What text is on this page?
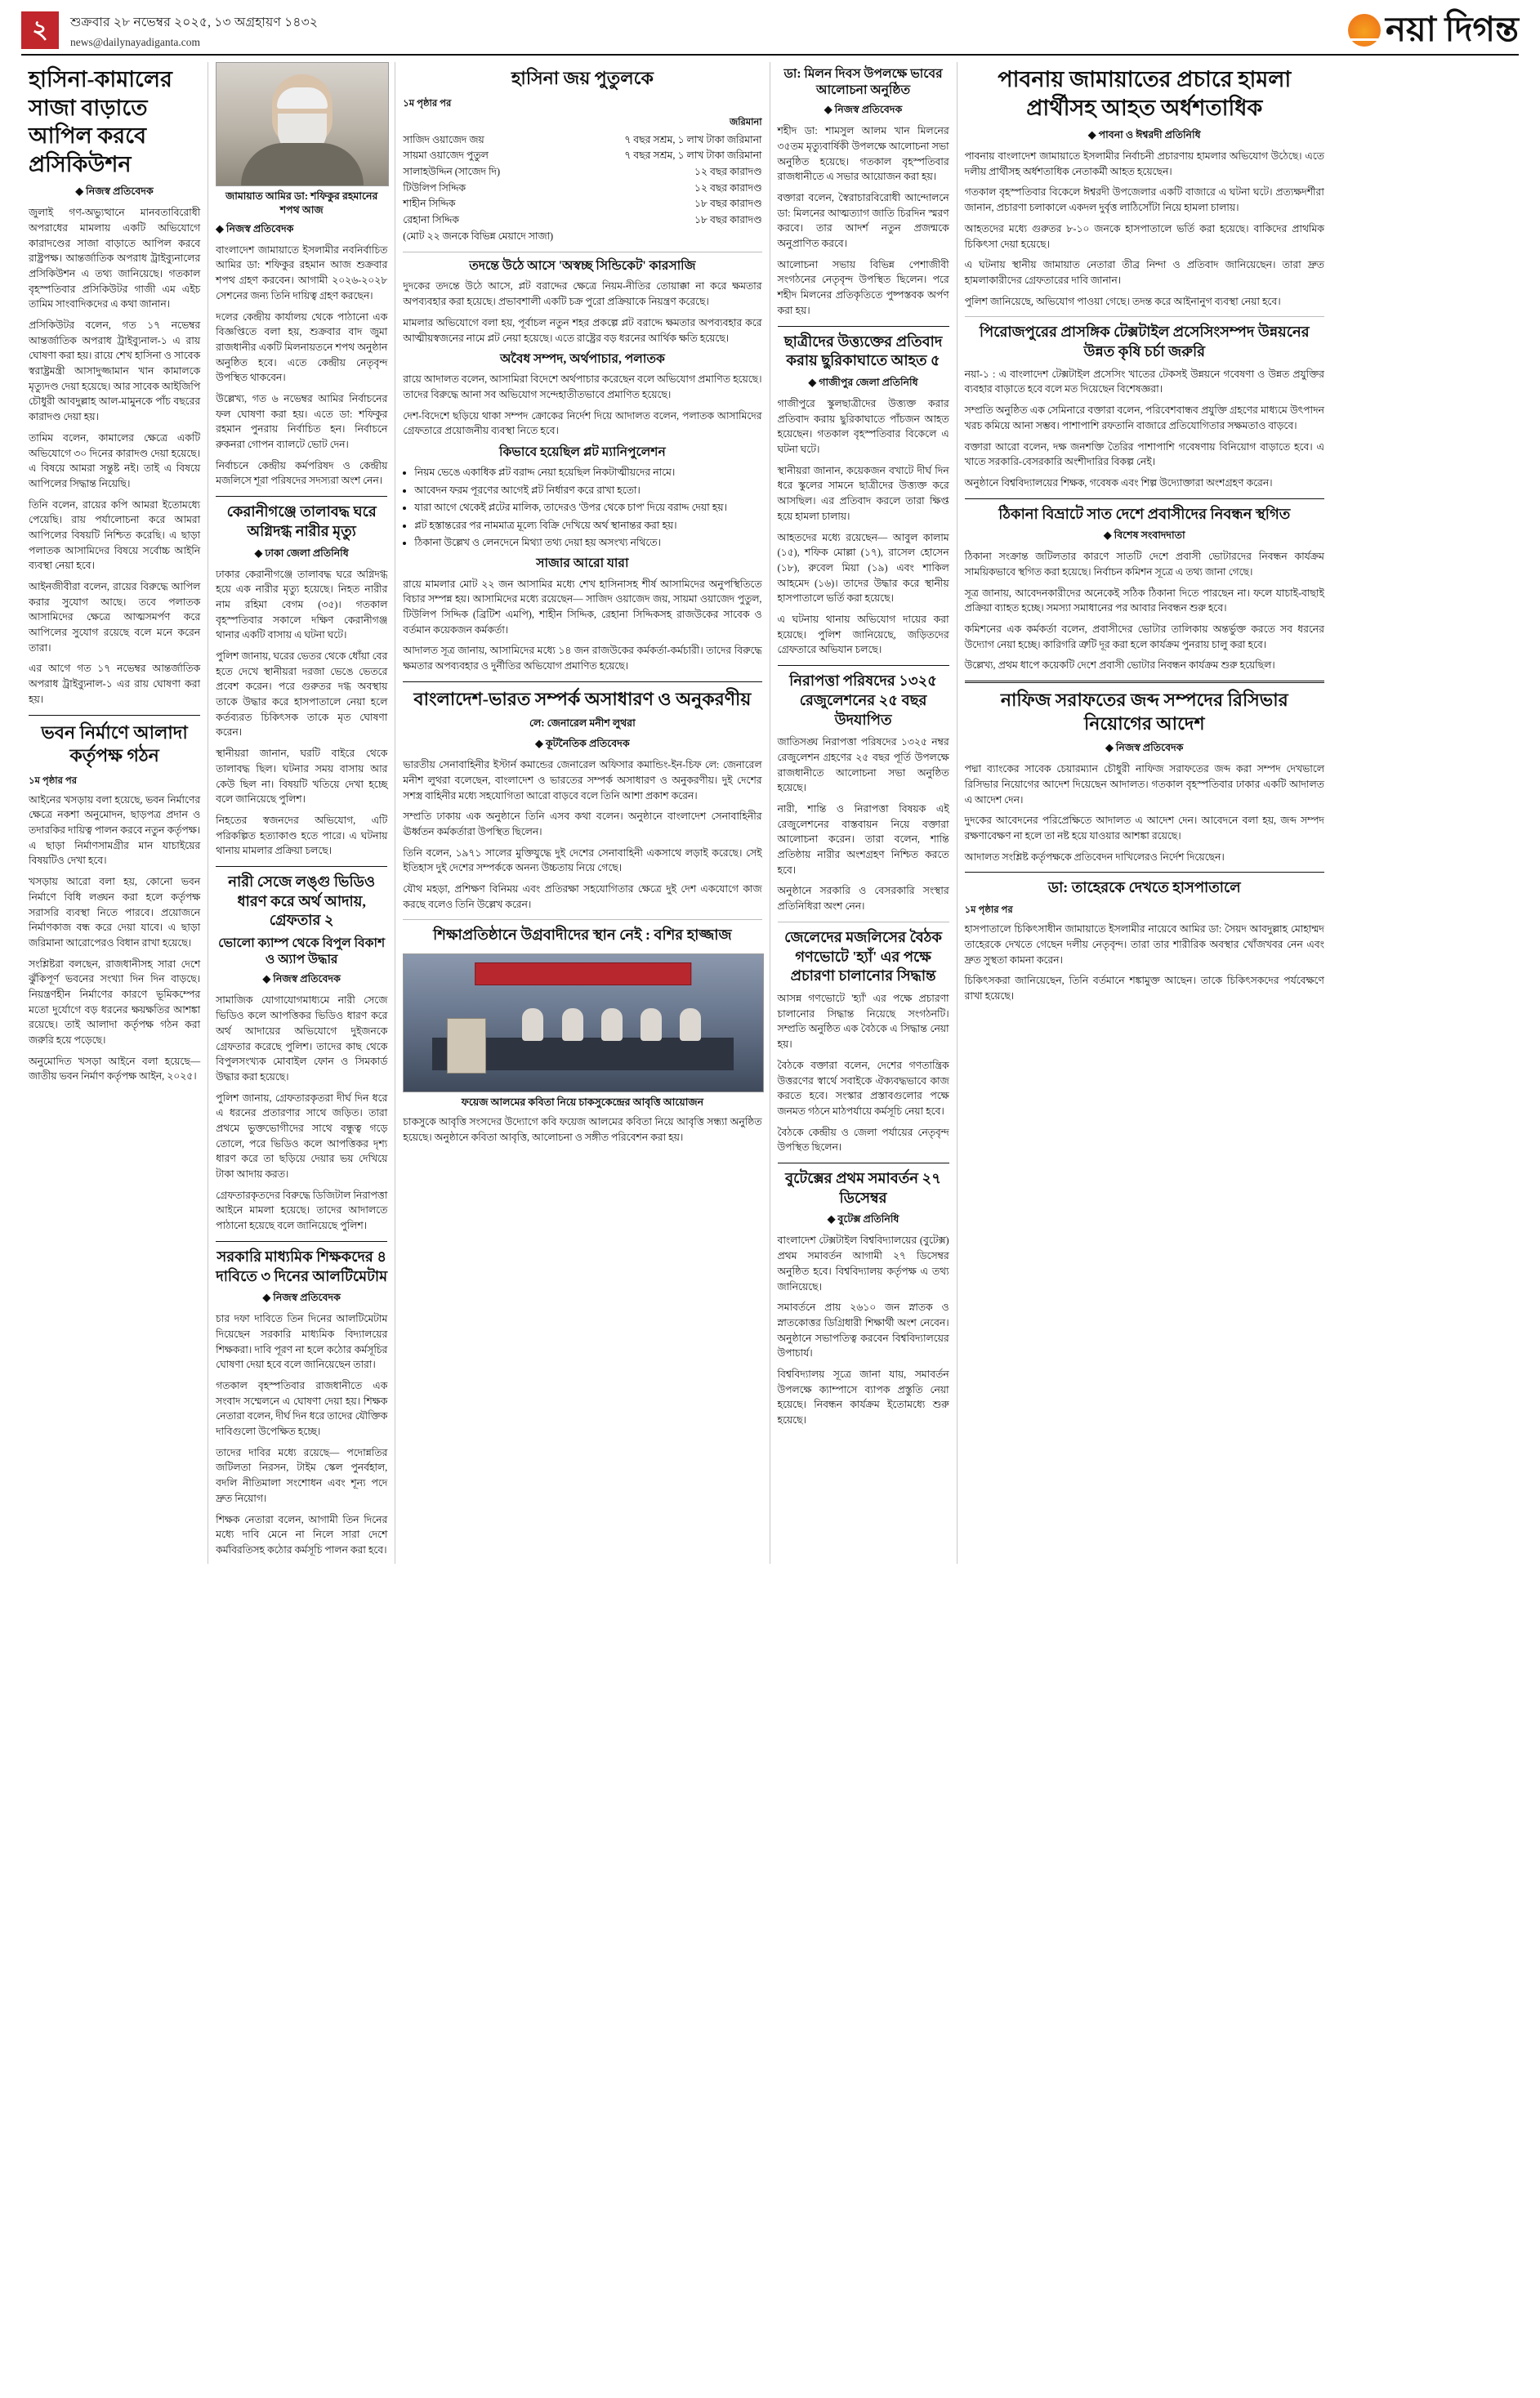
২	শুক্রবার ২৮ নভেম্বর ২০২৫, ১৩ অগ্রহায়ণ ১৪৩২
news@dailynayadiganta.com	নয়া দিগন্ত
হাসিনা-কামালের সাজা বাড়াতে আপিল করবে প্রসিকিউশন
◆ নিজস্ব প্রতিবেদক

জুলাই গণ-অভ্যুত্থানে মানবতাবিরোধী অপরাধের মামলায় একটি অভিযোগে কারাদণ্ডের সাজা বাড়াতে আপিল করবে রাষ্ট্রপক্ষ। আন্তর্জাতিক অপরাধ ট্রাইব্যুনালের প্রসিকিউশন এ তথ্য জানিয়েছে। গতকাল বৃহস্পতিবার প্রসিকিউটর গাজী এম এইচ তামিম সাংবাদিকদের এ কথা জানান।

প্রসিকিউটর বলেন, গত ১৭ নভেম্বর আন্তর্জাতিক অপরাধ ট্রাইব্যুনাল-১ এ রায় ঘোষণা করা হয়। রায়ে শেখ হাসিনা ও সাবেক স্বরাষ্ট্রমন্ত্রী আসাদুজ্জামান খান কামালকে মৃত্যুদণ্ড দেয়া হয়েছে। আর সাবেক আইজিপি চৌধুরী আবদুল্লাহ আল-মামুনকে পাঁচ বছরের কারাদণ্ড দেয়া হয়।

তামিম বলেন, কামালের ক্ষেত্রে একটি অভিযোগে ৩০ দিনের কারাদণ্ড দেয়া হয়েছে। এ বিষয়ে আমরা সন্তুষ্ট নই। তাই এ বিষয়ে আপিলের সিদ্ধান্ত নিয়েছি।

তিনি বলেন, রায়ের কপি আমরা ইতোমধ্যে পেয়েছি। রায় পর্যালোচনা করে আমরা আপিলের বিষয়টি নিশ্চিত করেছি। এ ছাড়া পলাতক আসামিদের বিষয়ে সর্বোচ্চ আইনি ব্যবস্থা নেয়া হবে।

আইনজীবীরা বলেন, রায়ের বিরুদ্ধে আপিল করার সুযোগ আছে। তবে পলাতক আসামিদের ক্ষেত্রে আত্মসমর্পণ করে আপিলের সুযোগ রয়েছে বলে মনে করেন তারা।

এর আগে গত ১৭ নভেম্বর আন্তর্জাতিক অপরাধ ট্রাইব্যুনাল-১ এর রায় ঘোষণা করা হয়।

ভবন নির্মাণে আলাদা কর্তৃপক্ষ গঠন
১ম পৃষ্ঠার পর

আইনের খসড়ায় বলা হয়েছে, ভবন নির্মাণের ক্ষেত্রে নকশা অনুমোদন, ছাড়পত্র প্রদান ও তদারকির দায়িত্ব পালন করবে নতুন কর্তৃপক্ষ। এ ছাড়া নির্মাণসামগ্রীর মান যাচাইয়ের বিষয়টিও দেখা হবে।

খসড়ায় আরো বলা হয়, কোনো ভবন নির্মাণে বিধি লঙ্ঘন করা হলে কর্তৃপক্ষ সরাসরি ব্যবস্থা নিতে পারবে। প্রয়োজনে নির্মাণকাজ বন্ধ করে দেয়া যাবে। এ ছাড়া জরিমানা আরোপেরও বিধান রাখা হয়েছে।

সংশ্লিষ্টরা বলছেন, রাজধানীসহ সারা দেশে ঝুঁকিপূর্ণ ভবনের সংখ্যা দিন দিন বাড়ছে। নিয়ন্ত্রণহীন নির্মাণের কারণে ভূমিকম্পের মতো দুর্যোগে বড় ধরনের ক্ষয়ক্ষতির আশঙ্কা রয়েছে। তাই আলাদা কর্তৃপক্ষ গঠন করা জরুরি হয়ে পড়েছে।

অনুমোদিত খসড়া আইনে বলা হয়েছে— জাতীয় ভবন নির্মাণ কর্তৃপক্ষ আইন, ২০২৫।

জামায়াত আমির ডা: শফিকুর রহমানের শপথ আজ
◆ নিজস্ব প্রতিবেদক

বাংলাদেশ জামায়াতে ইসলামীর নবনির্বাচিত আমির ডা: শফিকুর রহমান আজ শুক্রবার শপথ গ্রহণ করবেন। আগামী ২০২৬-২০২৮ সেশনের জন্য তিনি দায়িত্ব গ্রহণ করছেন।

দলের কেন্দ্রীয় কার্যালয় থেকে পাঠানো এক বিজ্ঞপ্তিতে বলা হয়, শুক্রবার বাদ জুমা রাজধানীর একটি মিলনায়তনে শপথ অনুষ্ঠান অনুষ্ঠিত হবে। এতে কেন্দ্রীয় নেতৃবৃন্দ উপস্থিত থাকবেন।

উল্লেখ্য, গত ৬ নভেম্বর আমির নির্বাচনের ফল ঘোষণা করা হয়। এতে ডা: শফিকুর রহমান পুনরায় নির্বাচিত হন। নির্বাচনে রুকনরা গোপন ব্যালটে ভোট দেন।

নির্বাচনে কেন্দ্রীয় কর্মপরিষদ ও কেন্দ্রীয় মজলিসে শূরা পরিষদের সদস্যরা অংশ নেন।

কেরানীগঞ্জে তালাবদ্ধ ঘরে অগ্নিদগ্ধ নারীর মৃত্যু
◆ ঢাকা জেলা প্রতিনিধি

ঢাকার কেরানীগঞ্জে তালাবদ্ধ ঘরে অগ্নিদগ্ধ হয়ে এক নারীর মৃত্যু হয়েছে। নিহত নারীর নাম রহিমা বেগম (৩৫)। গতকাল বৃহস্পতিবার সকালে দক্ষিণ কেরানীগঞ্জ থানার একটি বাসায় এ ঘটনা ঘটে।

পুলিশ জানায়, ঘরের ভেতর থেকে ধোঁয়া বের হতে দেখে স্থানীয়রা দরজা ভেঙে ভেতরে প্রবেশ করেন। পরে গুরুতর দগ্ধ অবস্থায় তাকে উদ্ধার করে হাসপাতালে নেয়া হলে কর্তব্যরত চিকিৎসক তাকে মৃত ঘোষণা করেন।

স্থানীয়রা জানান, ঘরটি বাইরে থেকে তালাবদ্ধ ছিল। ঘটনার সময় বাসায় আর কেউ ছিল না। বিষয়টি খতিয়ে দেখা হচ্ছে বলে জানিয়েছে পুলিশ।

নিহতের স্বজনদের অভিযোগ, এটি পরিকল্পিত হত্যাকাণ্ড হতে পারে। এ ঘটনায় থানায় মামলার প্রক্রিয়া চলছে।

নারী সেজে লঙ্গু ভিডিও ধারণ করে অর্থ আদায়, গ্রেফতার ২
ভোলো ক্যাম্প থেকে বিপুল বিকাশ ও অ্যাপ উদ্ধার
◆ নিজস্ব প্রতিবেদক

সামাজিক যোগাযোগমাধ্যমে নারী সেজে ভিডিও কলে আপত্তিকর ভিডিও ধারণ করে অর্থ আদায়ের অভিযোগে দুইজনকে গ্রেফতার করেছে পুলিশ। তাদের কাছ থেকে বিপুলসংখ্যক মোবাইল ফোন ও সিমকার্ড উদ্ধার করা হয়েছে।

পুলিশ জানায়, গ্রেফতারকৃতরা দীর্ঘ দিন ধরে এ ধরনের প্রতারণার সাথে জড়িত। তারা প্রথমে ভুক্তভোগীদের সাথে বন্ধুত্ব গড়ে তোলে, পরে ভিডিও কলে আপত্তিকর দৃশ্য ধারণ করে তা ছড়িয়ে দেয়ার ভয় দেখিয়ে টাকা আদায় করত।

গ্রেফতারকৃতদের বিরুদ্ধে ডিজিটাল নিরাপত্তা আইনে মামলা হয়েছে। তাদের আদালতে পাঠানো হয়েছে বলে জানিয়েছে পুলিশ।

সরকারি মাধ্যমিক শিক্ষকদের ৪ দাবিতে ৩ দিনের আলটিমেটাম
◆ নিজস্ব প্রতিবেদক

চার দফা দাবিতে তিন দিনের আলটিমেটাম দিয়েছেন সরকারি মাধ্যমিক বিদ্যালয়ের শিক্ষকরা। দাবি পূরণ না হলে কঠোর কর্মসূচির ঘোষণা দেয়া হবে বলে জানিয়েছেন তারা।

গতকাল বৃহস্পতিবার রাজধানীতে এক সংবাদ সম্মেলনে এ ঘোষণা দেয়া হয়। শিক্ষক নেতারা বলেন, দীর্ঘ দিন ধরে তাদের যৌক্তিক দাবিগুলো উপেক্ষিত হচ্ছে।

তাদের দাবির মধ্যে রয়েছে— পদোন্নতির জটিলতা নিরসন, টাইম স্কেল পুনর্বহাল, বদলি নীতিমালা সংশোধন এবং শূন্য পদে দ্রুত নিয়োগ।

শিক্ষক নেতারা বলেন, আগামী তিন দিনের মধ্যে দাবি মেনে না নিলে সারা দেশে কর্মবিরতিসহ কঠোর কর্মসূচি পালন করা হবে।

হাসিনা জয় পুতুলকে
১ম পৃষ্ঠার পর
জরিমানা
সাজিদ ওয়াজেদ জয়	৭ বছর সশ্রম, ১ লাখ টাকা জরিমানা
সায়মা ওয়াজেদ পুতুল	৭ বছর সশ্রম, ১ লাখ টাকা জরিমানা
সালাহউদ্দিন (সাজেদ দি)	১২ বছর কারাদণ্ড
টিউলিপ সিদ্দিক	১২ বছর কারাদণ্ড
শাহীন সিদ্দিক	১৮ বছর কারাদণ্ড
রেহানা সিদ্দিক	১৮ বছর কারাদণ্ড
(মোট ২২ জনকে বিভিন্ন মেয়াদে সাজা)
তদন্তে উঠে আসে 'অস্বচ্ছ সিন্ডিকেট' কারসাজি

দুদকের তদন্তে উঠে আসে, প্লট বরাদ্দের ক্ষেত্রে নিয়ম-নীতির তোয়াক্কা না করে ক্ষমতার অপব্যবহার করা হয়েছে। প্রভাবশালী একটি চক্র পুরো প্রক্রিয়াকে নিয়ন্ত্রণ করেছে।

মামলার অভিযোগে বলা হয়, পূর্বাচল নতুন শহর প্রকল্পে প্লট বরাদ্দে ক্ষমতার অপব্যবহার করে আত্মীয়স্বজনের নামে প্লট নেয়া হয়েছে। এতে রাষ্ট্রের বড় ধরনের আর্থিক ক্ষতি হয়েছে।

অবৈধ সম্পদ, অর্থপাচার, পলাতক

রায়ে আদালত বলেন, আসামিরা বিদেশে অর্থপাচার করেছেন বলে অভিযোগ প্রমাণিত হয়েছে। তাদের বিরুদ্ধে আনা সব অভিযোগ সন্দেহাতীতভাবে প্রমাণিত হয়েছে।

দেশ-বিদেশে ছড়িয়ে থাকা সম্পদ ক্রোকের নির্দেশ দিয়ে আদালত বলেন, পলাতক আসামিদের গ্রেফতারে প্রয়োজনীয় ব্যবস্থা নিতে হবে।

কিভাবে হয়েছিল প্লট ম্যানিপুলেশন
• নিয়ম ভেঙে একাধিক প্লট বরাদ্দ নেয়া হয়েছিল নিকটাত্মীয়দের নামে।
• আবেদন ফরম পূরণের আগেই প্লট নির্ধারণ করে রাখা হতো।
• যারা আগে থেকেই প্লটের মালিক, তাদেরও 'উপর থেকে চাপ' দিয়ে বরাদ্দ দেয়া হয়।
• প্লট হস্তান্তরের পর নামমাত্র মূল্যে বিক্রি দেখিয়ে অর্থ স্থানান্তর করা হয়।
• ঠিকানা উল্লেখ ও লেনদেনে মিথ্যা তথ্য দেয়া হয় অসংখ্য নথিতে।
সাজার আরো যারা

রায়ে মামলার মোট ২২ জন আসামির মধ্যে শেখ হাসিনাসহ শীর্ষ আসামিদের অনুপস্থিতিতে বিচার সম্পন্ন হয়। আসামিদের মধ্যে রয়েছেন— সাজিদ ওয়াজেদ জয়, সায়মা ওয়াজেদ পুতুল, টিউলিপ সিদ্দিক (ব্রিটিশ এমপি), শাহীন সিদ্দিক, রেহানা সিদ্দিকসহ রাজউকের সাবেক ও বর্তমান কয়েকজন কর্মকর্তা।

আদালত সূত্র জানায়, আসামিদের মধ্যে ১৪ জন রাজউকের কর্মকর্তা-কর্মচারী। তাদের বিরুদ্ধে ক্ষমতার অপব্যবহার ও দুর্নীতির অভিযোগ প্রমাণিত হয়েছে।

বাংলাদেশ-ভারত সম্পর্ক অসাধারণ ও অনুকরণীয়
লে: জেনারেল মনীশ লুথরা
◆ কূটনৈতিক প্রতিবেদক

ভারতীয় সেনাবাহিনীর ইস্টার্ন কমান্ডের জেনারেল অফিসার কমান্ডিং-ইন-চিফ লে: জেনারেল মনীশ লুথরা বলেছেন, বাংলাদেশ ও ভারতের সম্পর্ক অসাধারণ ও অনুকরণীয়। দুই দেশের সশস্ত্র বাহিনীর মধ্যে সহযোগিতা আরো বাড়বে বলে তিনি আশা প্রকাশ করেন।

সম্প্রতি ঢাকায় এক অনুষ্ঠানে তিনি এসব কথা বলেন। অনুষ্ঠানে বাংলাদেশ সেনাবাহিনীর ঊর্ধ্বতন কর্মকর্তারা উপস্থিত ছিলেন।

তিনি বলেন, ১৯৭১ সালের মুক্তিযুদ্ধে দুই দেশের সেনাবাহিনী একসাথে লড়াই করেছে। সেই ইতিহাস দুই দেশের সম্পর্ককে অনন্য উচ্চতায় নিয়ে গেছে।

যৌথ মহড়া, প্রশিক্ষণ বিনিময় এবং প্রতিরক্ষা সহযোগিতার ক্ষেত্রে দুই দেশ একযোগে কাজ করছে বলেও তিনি উল্লেখ করেন।

শিক্ষাপ্রতিষ্ঠানে উগ্রবাদীদের স্থান নেই : বশির হাজ্জাজ
ফয়েজ আলমের কবিতা নিয়ে চাকসুকেন্দ্রের আবৃত্তি আয়োজন

চাকসুকে আবৃত্তি সংসদের উদ্যোগে কবি ফয়েজ আলমের কবিতা নিয়ে আবৃত্তি সন্ধ্যা অনুষ্ঠিত হয়েছে। অনুষ্ঠানে কবিতা আবৃত্তি, আলোচনা ও সঙ্গীত পরিবেশন করা হয়।

ডা: মিলন দিবস উপলক্ষে ভাবের আলোচনা অনুষ্ঠিত
◆ নিজস্ব প্রতিবেদক

শহীদ ডা: শামসুল আলম খান মিলনের ৩৫তম মৃত্যুবার্ষিকী উপলক্ষে আলোচনা সভা অনুষ্ঠিত হয়েছে। গতকাল বৃহস্পতিবার রাজধানীতে এ সভার আয়োজন করা হয়।

বক্তারা বলেন, স্বৈরাচারবিরোধী আন্দোলনে ডা: মিলনের আত্মত্যাগ জাতি চিরদিন স্মরণ করবে। তার আদর্শ নতুন প্রজন্মকে অনুপ্রাণিত করবে।

আলোচনা সভায় বিভিন্ন পেশাজীবী সংগঠনের নেতৃবৃন্দ উপস্থিত ছিলেন। পরে শহীদ মিলনের প্রতিকৃতিতে পুষ্পস্তবক অর্পণ করা হয়।

ছাত্রীদের উত্ত্যক্তের প্রতিবাদ করায় ছুরিকাঘাতে আহত ৫
◆ গাজীপুর জেলা প্রতিনিধি

গাজীপুরে স্কুলছাত্রীদের উত্ত্যক্ত করার প্রতিবাদ করায় ছুরিকাঘাতে পাঁচজন আহত হয়েছেন। গতকাল বৃহস্পতিবার বিকেলে এ ঘটনা ঘটে।

স্থানীয়রা জানান, কয়েকজন বখাটে দীর্ঘ দিন ধরে স্কুলের সামনে ছাত্রীদের উত্ত্যক্ত করে আসছিল। এর প্রতিবাদ করলে তারা ক্ষিপ্ত হয়ে হামলা চালায়।

আহতদের মধ্যে রয়েছেন— আবুল কালাম (১৫), শফিক মোল্লা (১৭), রাসেল হোসেন (১৮), রুবেল মিয়া (১৯) এবং শাকিল আহমেদ (১৬)। তাদের উদ্ধার করে স্থানীয় হাসপাতালে ভর্তি করা হয়েছে।

এ ঘটনায় থানায় অভিযোগ দায়ের করা হয়েছে। পুলিশ জানিয়েছে, জড়িতদের গ্রেফতারে অভিযান চলছে।

নিরাপত্তা পরিষদের ১৩২৫ রেজুলেশনের ২৫ বছর উদযাপিত

জাতিসঙ্ঘ নিরাপত্তা পরিষদের ১৩২৫ নম্বর রেজুলেশন গ্রহণের ২৫ বছর পূর্তি উপলক্ষে রাজধানীতে আলোচনা সভা অনুষ্ঠিত হয়েছে।

নারী, শান্তি ও নিরাপত্তা বিষয়ক এই রেজুলেশনের বাস্তবায়ন নিয়ে বক্তারা আলোচনা করেন। তারা বলেন, শান্তি প্রতিষ্ঠায় নারীর অংশগ্রহণ নিশ্চিত করতে হবে।

অনুষ্ঠানে সরকারি ও বেসরকারি সংস্থার প্রতিনিধিরা অংশ নেন।

জেলেদের মজলিসের বৈঠক গণভোটে 'হ্যাঁ' এর পক্ষে প্রচারণা চালানোর সিদ্ধান্ত

আসন্ন গণভোটে 'হ্যাঁ' এর পক্ষে প্রচারণা চালানোর সিদ্ধান্ত নিয়েছে সংগঠনটি। সম্প্রতি অনুষ্ঠিত এক বৈঠকে এ সিদ্ধান্ত নেয়া হয়।

বৈঠকে বক্তারা বলেন, দেশের গণতান্ত্রিক উত্তরণের স্বার্থে সবাইকে ঐক্যবদ্ধভাবে কাজ করতে হবে। সংস্কার প্রস্তাবগুলোর পক্ষে জনমত গঠনে মাঠপর্যায়ে কর্মসূচি নেয়া হবে।

বৈঠকে কেন্দ্রীয় ও জেলা পর্যায়ের নেতৃবৃন্দ উপস্থিত ছিলেন।

বুটেক্সের প্রথম সমাবর্তন ২৭ ডিসেম্বর
◆ বুটেক্স প্রতিনিধি

বাংলাদেশ টেক্সটাইল বিশ্ববিদ্যালয়ের (বুটেক্স) প্রথম সমাবর্তন আগামী ২৭ ডিসেম্বর অনুষ্ঠিত হবে। বিশ্ববিদ্যালয় কর্তৃপক্ষ এ তথ্য জানিয়েছে।

সমাবর্তনে প্রায় ২৬১০ জন স্নাতক ও স্নাতকোত্তর ডিগ্রিধারী শিক্ষার্থী অংশ নেবেন। অনুষ্ঠানে সভাপতিত্ব করবেন বিশ্ববিদ্যালয়ের উপাচার্য।

বিশ্ববিদ্যালয় সূত্রে জানা যায়, সমাবর্তন উপলক্ষে ক্যাম্পাসে ব্যাপক প্রস্তুতি নেয়া হয়েছে। নিবন্ধন কার্যক্রম ইতোমধ্যে শুরু হয়েছে।

পাবনায় জামায়াতের প্রচারে হামলা প্রার্থীসহ আহত অর্ধশতাধিক
◆ পাবনা ও ঈশ্বরদী প্রতিনিধি

পাবনায় বাংলাদেশ জামায়াতে ইসলামীর নির্বাচনী প্রচারণায় হামলার অভিযোগ উঠেছে। এতে দলীয় প্রার্থীসহ অর্ধশতাধিক নেতাকর্মী আহত হয়েছেন।

গতকাল বৃহস্পতিবার বিকেলে ঈশ্বরদী উপজেলার একটি বাজারে এ ঘটনা ঘটে। প্রত্যক্ষদর্শীরা জানান, প্রচারণা চলাকালে একদল দুর্বৃত্ত লাঠিসোঁটা নিয়ে হামলা চালায়।

আহতদের মধ্যে গুরুতর ৮-১০ জনকে হাসপাতালে ভর্তি করা হয়েছে। বাকিদের প্রাথমিক চিকিৎসা দেয়া হয়েছে।

এ ঘটনায় স্থানীয় জামায়াত নেতারা তীব্র নিন্দা ও প্রতিবাদ জানিয়েছেন। তারা দ্রুত হামলাকারীদের গ্রেফতারের দাবি জানান।

পুলিশ জানিয়েছে, অভিযোগ পাওয়া গেছে। তদন্ত করে আইনানুগ ব্যবস্থা নেয়া হবে।

পিরোজপুরের প্রাসঙ্গিক টেক্সটাইল প্রসেসিংসম্পদ উন্নয়নের উন্নত কৃষি চর্চা জরুরি

নয়া-১ : এ বাংলাদেশ টেক্সটাইল প্রসেসিং খাতের টেকসই উন্নয়নে গবেষণা ও উন্নত প্রযুক্তির ব্যবহার বাড়াতে হবে বলে মত দিয়েছেন বিশেষজ্ঞরা।

সম্প্রতি অনুষ্ঠিত এক সেমিনারে বক্তারা বলেন, পরিবেশবান্ধব প্রযুক্তি গ্রহণের মাধ্যমে উৎপাদন খরচ কমিয়ে আনা সম্ভব। পাশাপাশি রফতানি বাজারে প্রতিযোগিতার সক্ষমতাও বাড়বে।

বক্তারা আরো বলেন, দক্ষ জনশক্তি তৈরির পাশাপাশি গবেষণায় বিনিয়োগ বাড়াতে হবে। এ খাতে সরকারি-বেসরকারি অংশীদারির বিকল্প নেই।

অনুষ্ঠানে বিশ্ববিদ্যালয়ের শিক্ষক, গবেষক এবং শিল্প উদ্যোক্তারা অংশগ্রহণ করেন।

ঠিকানা বিভ্রাটে সাত দেশে প্রবাসীদের নিবন্ধন স্থগিত
◆ বিশেষ সংবাদদাতা

ঠিকানা সংক্রান্ত জটিলতার কারণে সাতটি দেশে প্রবাসী ভোটারদের নিবন্ধন কার্যক্রম সাময়িকভাবে স্থগিত করা হয়েছে। নির্বাচন কমিশন সূত্রে এ তথ্য জানা গেছে।

সূত্র জানায়, আবেদনকারীদের অনেকেই সঠিক ঠিকানা দিতে পারছেন না। ফলে যাচাই-বাছাই প্রক্রিয়া ব্যাহত হচ্ছে। সমস্যা সমাধানের পর আবার নিবন্ধন শুরু হবে।

কমিশনের এক কর্মকর্তা বলেন, প্রবাসীদের ভোটার তালিকায় অন্তর্ভুক্ত করতে সব ধরনের উদ্যোগ নেয়া হচ্ছে। কারিগরি ত্রুটি দূর করা হলে কার্যক্রম পুনরায় চালু করা হবে।

উল্লেখ্য, প্রথম ধাপে কয়েকটি দেশে প্রবাসী ভোটার নিবন্ধন কার্যক্রম শুরু হয়েছিল।

নাফিজ সরাফতের জব্দ সম্পদের রিসিভার নিয়োগের আদেশ
◆ নিজস্ব প্রতিবেদক

পদ্মা ব্যাংকের সাবেক চেয়ারম্যান চৌধুরী নাফিজ সরাফতের জব্দ করা সম্পদ দেখভালে রিসিভার নিয়োগের আদেশ দিয়েছেন আদালত। গতকাল বৃহস্পতিবার ঢাকার একটি আদালত এ আদেশ দেন।

দুদকের আবেদনের পরিপ্রেক্ষিতে আদালত এ আদেশ দেন। আবেদনে বলা হয়, জব্দ সম্পদ রক্ষণাবেক্ষণ না হলে তা নষ্ট হয়ে যাওয়ার আশঙ্কা রয়েছে।

আদালত সংশ্লিষ্ট কর্তৃপক্ষকে প্রতিবেদন দাখিলেরও নির্দেশ দিয়েছেন।

ডা: তাহেরকে দেখতে হাসপাতালে
১ম পৃষ্ঠার পর

হাসপাতালে চিকিৎসাধীন জামায়াতে ইসলামীর নায়েবে আমির ডা: সৈয়দ আবদুল্লাহ মোহাম্মদ তাহেরকে দেখতে গেছেন দলীয় নেতৃবৃন্দ। তারা তার শারীরিক অবস্থার খোঁজখবর নেন এবং দ্রুত সুস্থতা কামনা করেন।

চিকিৎসকরা জানিয়েছেন, তিনি বর্তমানে শঙ্কামুক্ত আছেন। তাকে চিকিৎসকদের পর্যবেক্ষণে রাখা হয়েছে।
